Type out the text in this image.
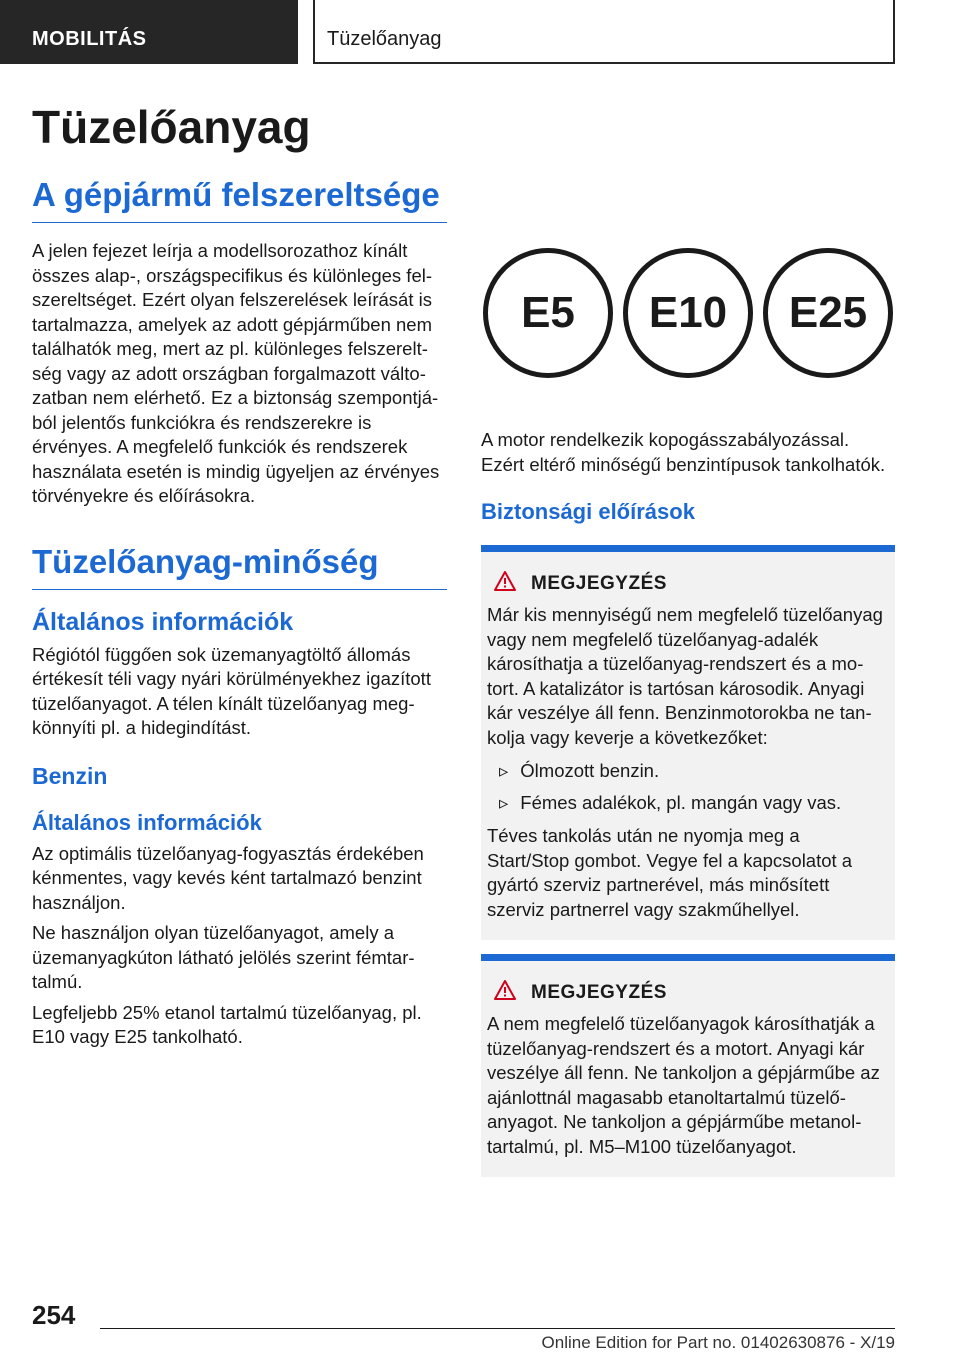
MOBILITÁS	Tüzelőanyag
Tüzelőanyag
A gépjármű felszereltsége

A jelen fejezet leírja a modellsorozathoz kínált összes alap-, országspecifikus és különleges felszereltséget. Ezért olyan felszerelések leírását is tartalmazza, amelyek az adott gépjárműben nem találhatók meg, mert az pl. különleges felszereltség vagy az adott országban forgalmazott változatban nem elérhető. Ez a biztonság szempontjából jelentős funkciókra és rendszerekre is érvényes. A megfelelő funkciók és rendszerek használata esetén is mindig ügyeljen az érvényes törvényekre és előírásokra.

Tüzelőanyag-minőség
Általános információk

Régiótól függően sok üzemanyagtöltő állomás értékesít téli vagy nyári körülményekhez igazított tüzelőanyagot. A télen kínált tüzelőanyag megkönnyíti pl. a hidegindítást.

Benzin
Általános információk

Az optimális tüzelőanyag-fogyasztás érdekében kénmentes, vagy kevés ként tartalmazó benzint használjon.

Ne használjon olyan tüzelőanyagot, amely a üzemanyagkúton látható jelölés szerint fémtartalmú.

Legfeljebb 25% etanol tartalmú tüzelőanyag, pl. E10 vagy E25 tankolható.

E5	E10	E25

A motor rendelkezik kopogásszabályozással. Ezért eltérő minőségű benzintípusok tankolhatók.

Biztonsági előírások
MEGJEGYZÉS

Már kis mennyiségű nem megfelelő tüzelőanyag vagy nem megfelelő tüzelőanyag-adalék károsíthatja a tüzelőanyag-rendszert és a motort. A katalizátor is tartósan károsodik. Anyagi kár veszélye áll fenn. Benzinmotorokba ne tankolja vagy keverje a következőket:

▹ Ólmozott benzin.
▹ Fémes adalékok, pl. mangán vagy vas.

Téves tankolás után ne nyomja meg a Start/Stop gombot. Vegye fel a kapcsolatot a gyártó szerviz partnerével, más minősített szerviz partnerrel vagy szakműhellyel.

MEGJEGYZÉS

A nem megfelelő tüzelőanyagok károsíthatják a tüzelőanyag-rendszert és a motort. Anyagi kár veszélye áll fenn. Ne tankoljon a gépjárműbe az ajánlottnál magasabb etanoltartalmú tüzelőanyagot. Ne tankoljon a gépjárműbe metanoltartalmú, pl. M5–M100 tüzelőanyagot.

254
Online Edition for Part no. 01402630876 - X/19
